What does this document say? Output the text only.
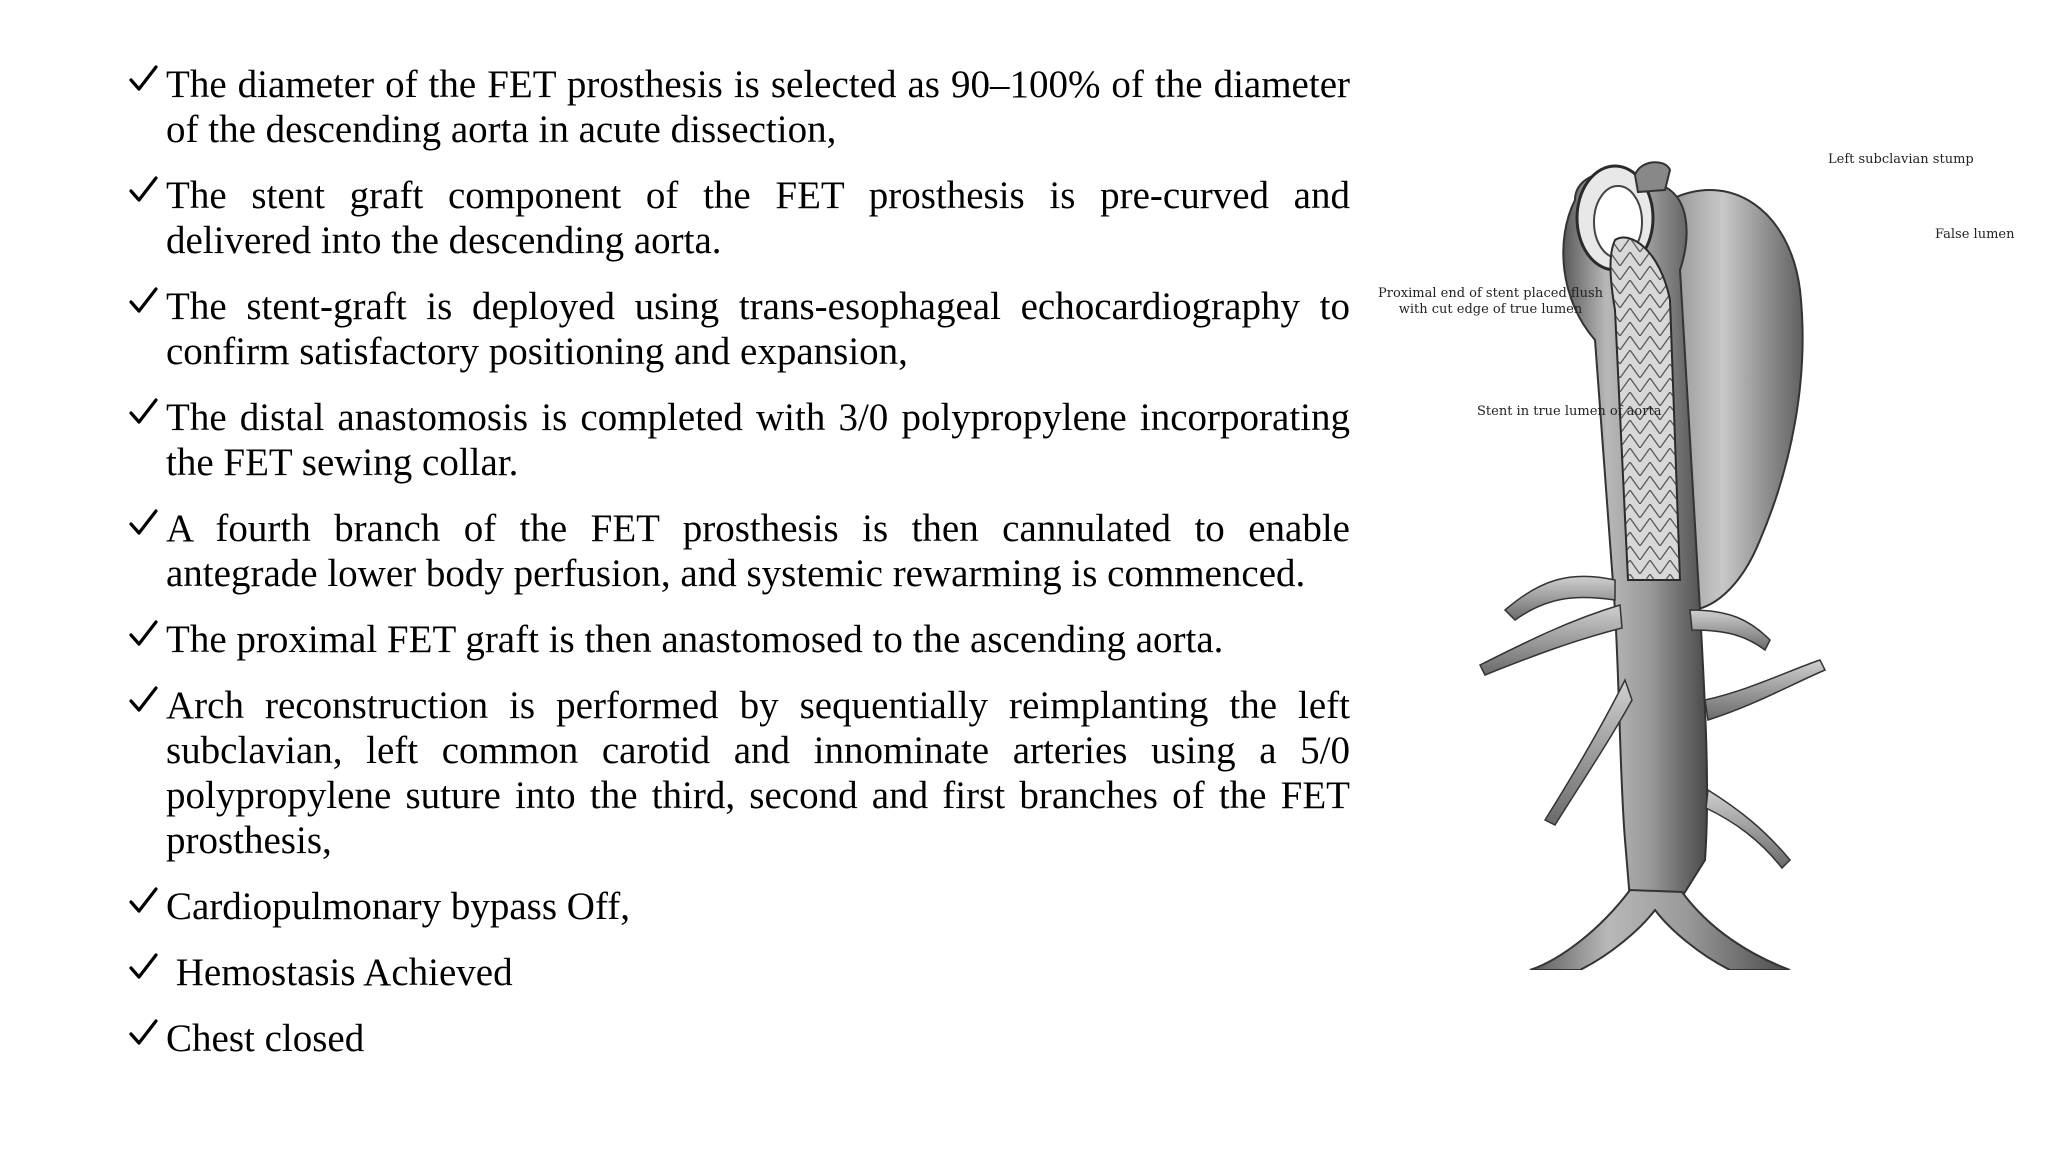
The diameter of the FET prosthesis is selected as 90–100% of the diameter of the descending aorta in acute dissection,
The stent graft component of the FET prosthesis is pre-curved and delivered into the descending aorta.
The stent-graft is deployed using trans-esophageal echocardiography to confirm satisfactory positioning and expansion,
The distal anastomosis is completed with 3/0 polypropylene incorporating the FET sewing collar.
A fourth branch of the FET prosthesis is then cannulated to enable antegrade lower body perfusion, and systemic rewarming is commenced.
The proximal FET graft is then anastomosed to the ascending aorta.
Arch reconstruction is performed by sequentially reimplanting the left subclavian, left common carotid and innominate arteries using a 5/0 polypropylene suture into the third, second and first branches of the FET prosthesis,
Cardiopulmonary bypass Off,
Hemostasis Achieved
Chest closed
Left subclavian stump
False lumen
Proximal end of stent placed flush
with cut edge of true lumen
Stent in true lumen of aorta
